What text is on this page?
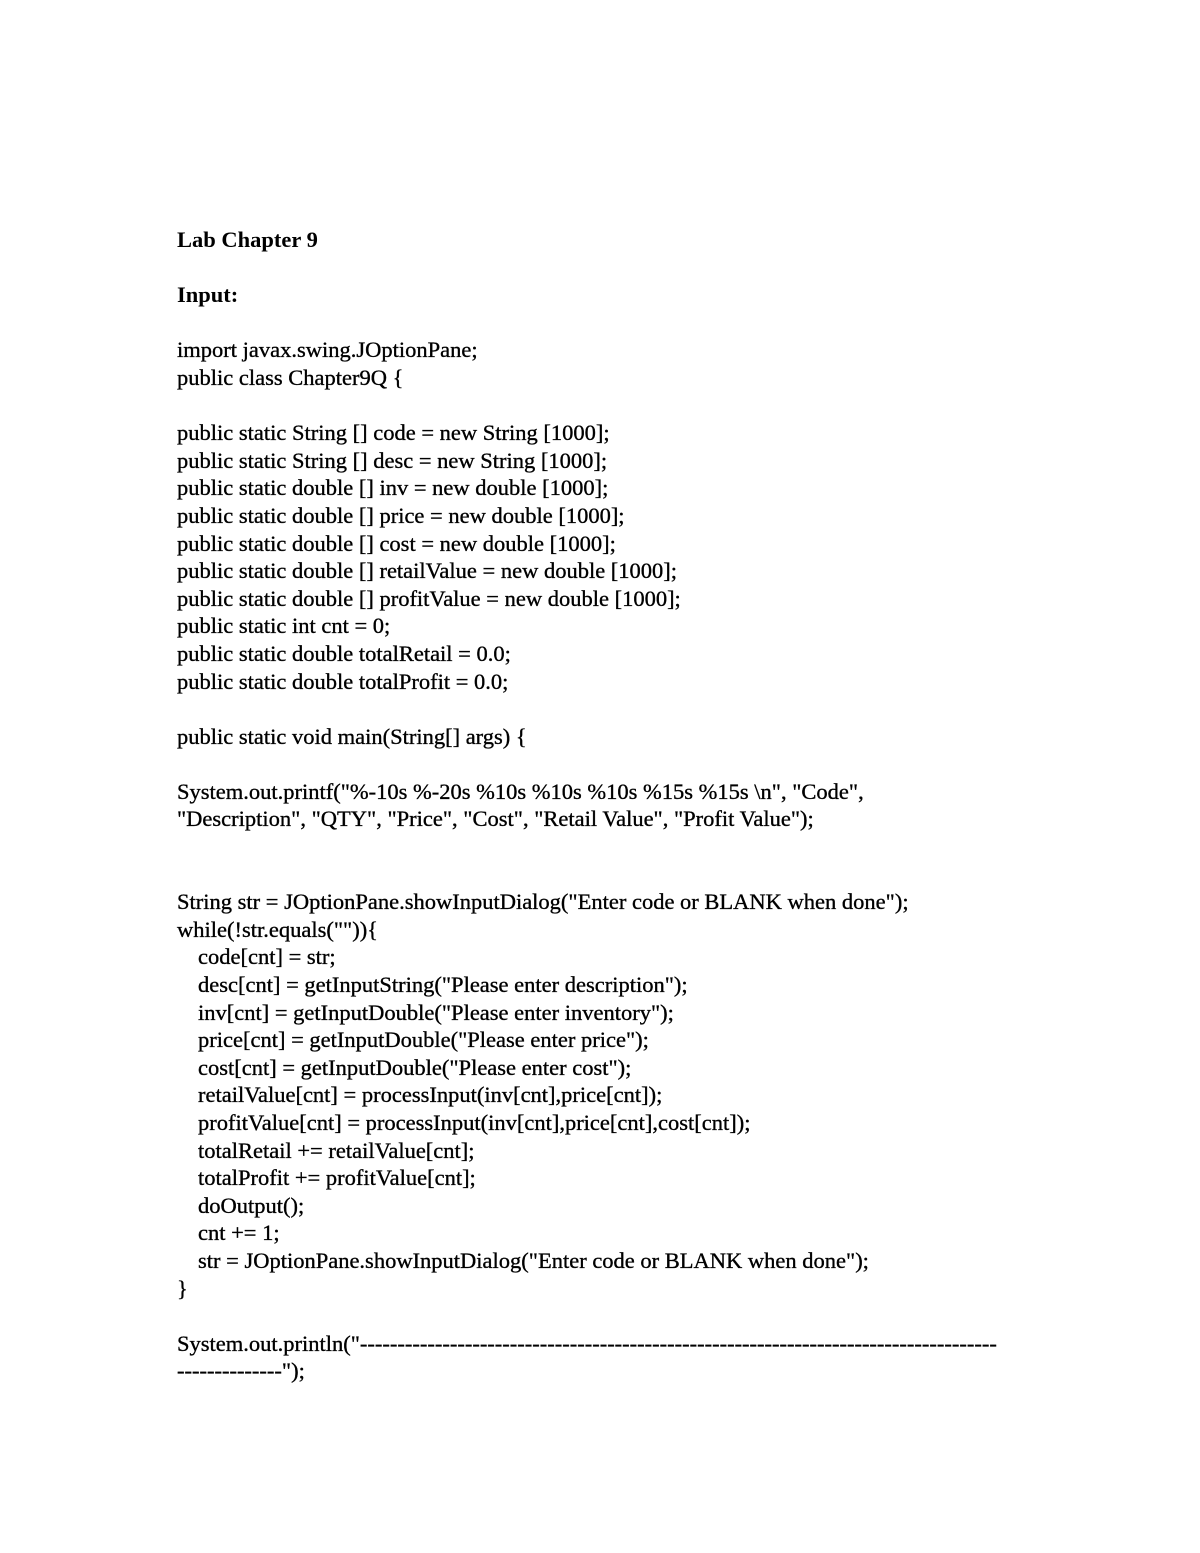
Lab Chapter 9
Input:
import javax.swing.JOptionPane;
public class Chapter9Q {
public static String [] code = new String [1000];
public static String [] desc = new String [1000];
public static double [] inv = new double [1000];
public static double [] price = new double [1000];
public static double [] cost = new double [1000];
public static double [] retailValue = new double [1000];
public static double [] profitValue = new double [1000];
public static int cnt = 0;
public static double totalRetail = 0.0;
public static double totalProfit = 0.0;
public static void main(String[] args) {
System.out.printf("%-10s %-20s %10s %10s %10s %15s %15s \n", "Code",
"Description", "QTY", "Price", "Cost", "Retail Value", "Profit Value");
String str = JOptionPane.showInputDialog("Enter code or BLANK when done");
while(!str.equals("")){
code[cnt] = str;
desc[cnt] = getInputString("Please enter description");
inv[cnt] = getInputDouble("Please enter inventory");
price[cnt] = getInputDouble("Please enter price");
cost[cnt] = getInputDouble("Please enter cost");
retailValue[cnt] = processInput(inv[cnt],price[cnt]);
profitValue[cnt] = processInput(inv[cnt],price[cnt],cost[cnt]);
totalRetail += retailValue[cnt];
totalProfit += profitValue[cnt];
doOutput();
cnt += 1;
str = JOptionPane.showInputDialog("Enter code or BLANK when done");
}
System.out.println("-------------------------------------------------------------------------------------
--------------");
